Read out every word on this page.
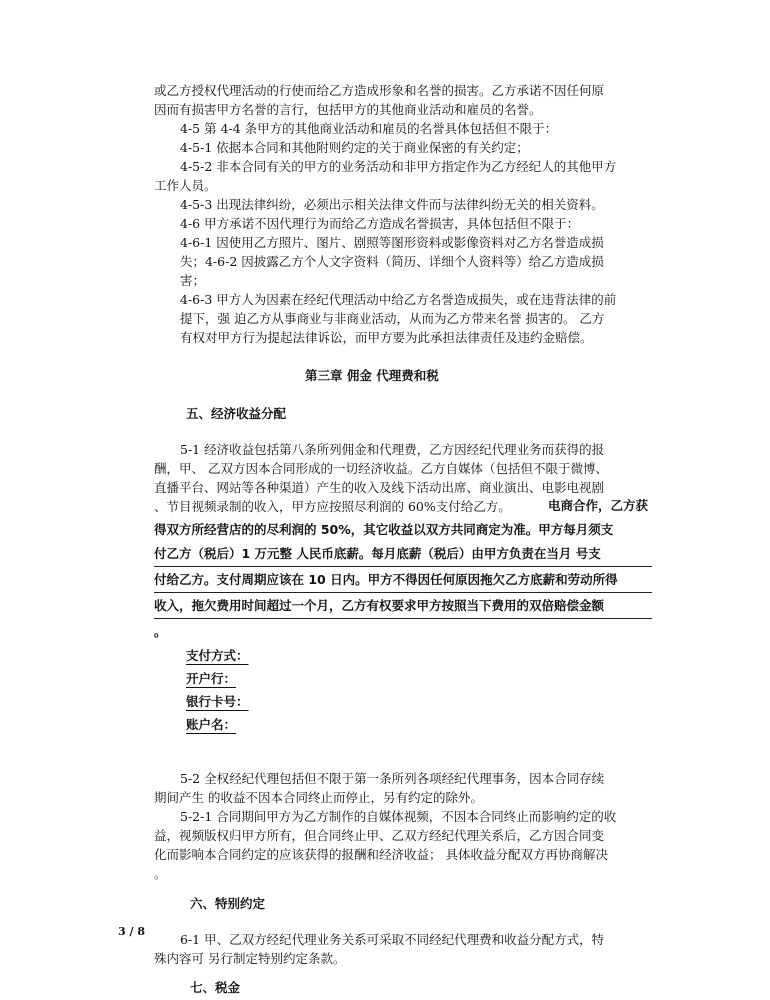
或乙方授权代理活动的行使而给乙方造成形象和名誉的损害。乙方承诺不因任何原
因而有损害甲方名誉的言行，包括甲方的其他商业活动和雇员的名誉。
4-5 第 4-4 条甲方的其他商业活动和雇员的名誉具体包括但不限于：
4-5-1 依据本合同和其他附则约定的关于商业保密的有关约定；
4-5-2 非本合同有关的甲方的业务活动和非甲方指定作为乙方经纪人的其他甲方
工作人员。
4-5-3 出现法律纠纷，必须出示相关法律文件而与法律纠纷无关的相关资料。
4-6 甲方承诺不因代理行为而给乙方造成名誉损害，具体包括但不限于：
4-6-1 因使用乙方照片、图片、剧照等图形资料或影像资料对乙方名誉造成损
失；4-6-2 因披露乙方个人文字资料（简历、详细个人资料等）给乙方造成损
害；
4-6-3 甲方人为因素在经纪代理活动中给乙方名誉造成损失，或在违背法律的前
提下，强 迫乙方从事商业与非商业活动，从而为乙方带来名誉 损害的。 乙方
有权对甲方行为提起法律诉讼，而甲方要为此承担法律责任及违约金赔偿。
第三章 佣金 代理费和税
五、经济收益分配
5-1 经济收益包括第八条所列佣金和代理费，乙方因经纪代理业务而获得的报
酬，甲、 乙双方因本合同形成的一切经济收益。乙方自媒体（包括但不限于微博、
直播平台、网站等各种渠道）产生的收入及线下活动出席、商业演出、电影电视剧
、节目视频录制的收入，甲方应按照尽利润的 60%支付给乙方。	电商合作，乙方获
得双方所经营店的的尽利润的 50%，其它收益以双方共同商定为准。甲方每月须支
付乙方（税后）1 万元整 人民币底薪。每月底薪（税后）由甲方负责在当月 号支
付给乙方。支付周期应该在 10 日内。甲方不得因任何原因拖欠乙方底薪和劳动所得
收入，拖欠费用时间超过一个月，乙方有权要求甲方按照当下费用的双倍赔偿金额
。
支付方式：
开户行：
银行卡号：
账户名：
5-2 全权经纪代理包括但不限于第一条所列各项经纪代理事务，因本合同存续
期间产生 的收益不因本合同终止而停止，另有约定的除外。
5-2-1 合同期间甲方为乙方制作的自媒体视频，不因本合同终止而影响约定的收
益，视频版权归甲方所有，但合同终止甲、乙双方经纪代理关系后，乙方因合同变
化而影响本合同约定的应该获得的报酬和经济收益； 具体收益分配双方再协商解决
。
六、特别约定
6-1 甲、乙双方经纪代理业务关系可采取不同经纪代理费和收益分配方式，特
殊内容可 另行制定特别约定条款。
七、税金
3 / 8
